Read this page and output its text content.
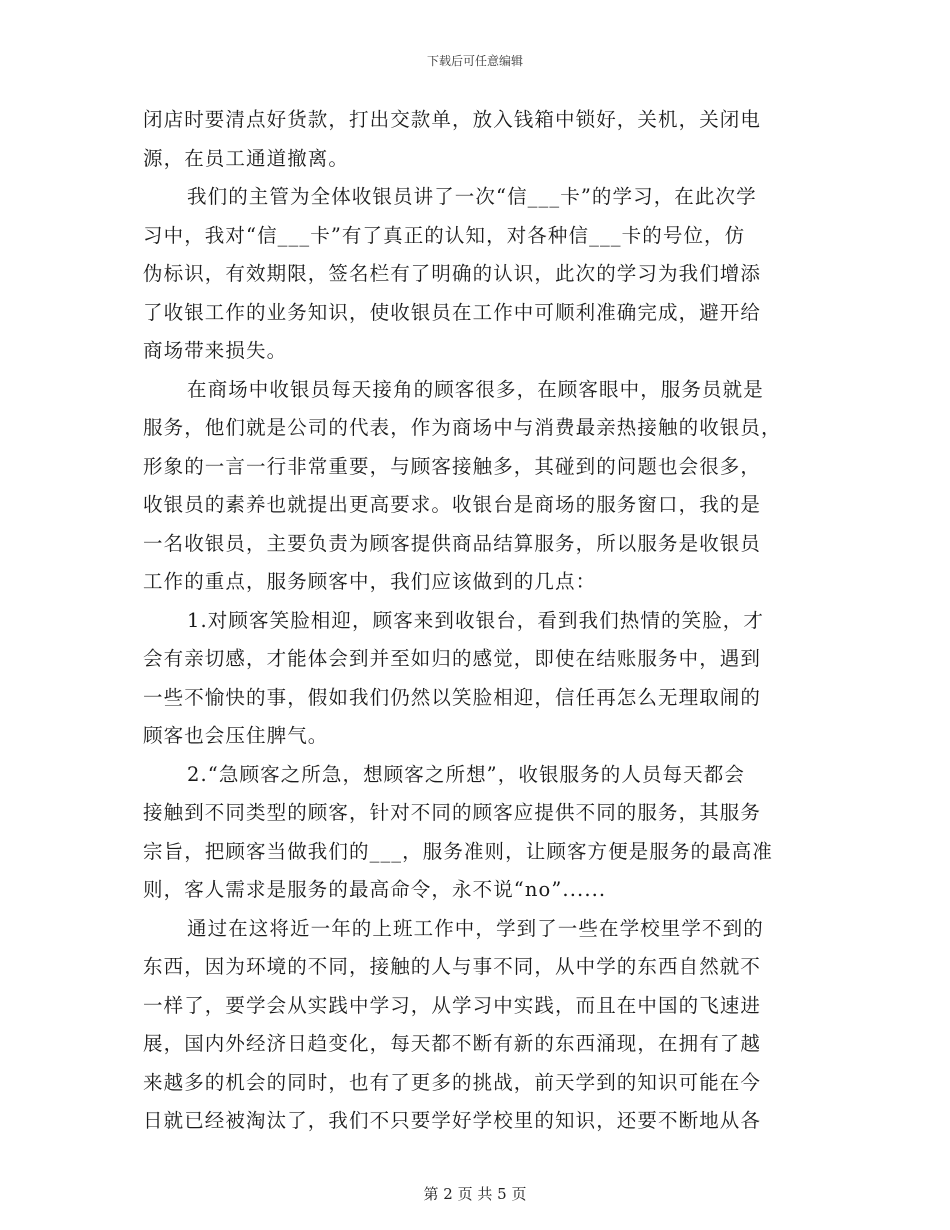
下载后可任意编辑
闭店时要清点好货款，打出交款单，放入钱箱中锁好，关机，关闭电
源，在员工通道撤离。
我们的主管为全体收银员讲了一次“信___卡”的学习，在此次学
习中，我对“信___卡”有了真正的认知，对各种信___卡的号位，仿
伪标识，有效期限，签名栏有了明确的认识，此次的学习为我们增添
了收银工作的业务知识，使收银员在工作中可顺利准确完成，避开给
商场带来损失。
在商场中收银员每天接角的顾客很多，在顾客眼中，服务员就是
服务，他们就是公司的代表，作为商场中与消费最亲热接触的收银员，
形象的一言一行非常重要，与顾客接触多，其碰到的问题也会很多，
收银员的素养也就提出更高要求。收银台是商场的服务窗口，我的是
一名收银员，主要负责为顾客提供商品结算服务，所以服务是收银员
工作的重点，服务顾客中，我们应该做到的几点：
1.对顾客笑脸相迎，顾客来到收银台，看到我们热情的笑脸，才
会有亲切感，才能体会到并至如归的感觉，即使在结账服务中，遇到
一些不愉快的事，假如我们仍然以笑脸相迎，信任再怎么无理取闹的
顾客也会压住脾气。
2.“急顾客之所急，想顾客之所想”，收银服务的人员每天都会
接触到不同类型的顾客，针对不同的顾客应提供不同的服务，其服务
宗旨，把顾客当做我们的___，服务准则，让顾客方便是服务的最高准
则，客人需求是服务的最高命令，永不说“no”......
通过在这将近一年的上班工作中，学到了一些在学校里学不到的
东西，因为环境的不同，接触的人与事不同，从中学的东西自然就不
一样了，要学会从实践中学习，从学习中实践，而且在中国的飞速进
展，国内外经济日趋变化，每天都不断有新的东西涌现，在拥有了越
来越多的机会的同时，也有了更多的挑战，前天学到的知识可能在今
日就已经被淘汰了，我们不只要学好学校里的知识，还要不断地从各
第 2 页 共 5 页
